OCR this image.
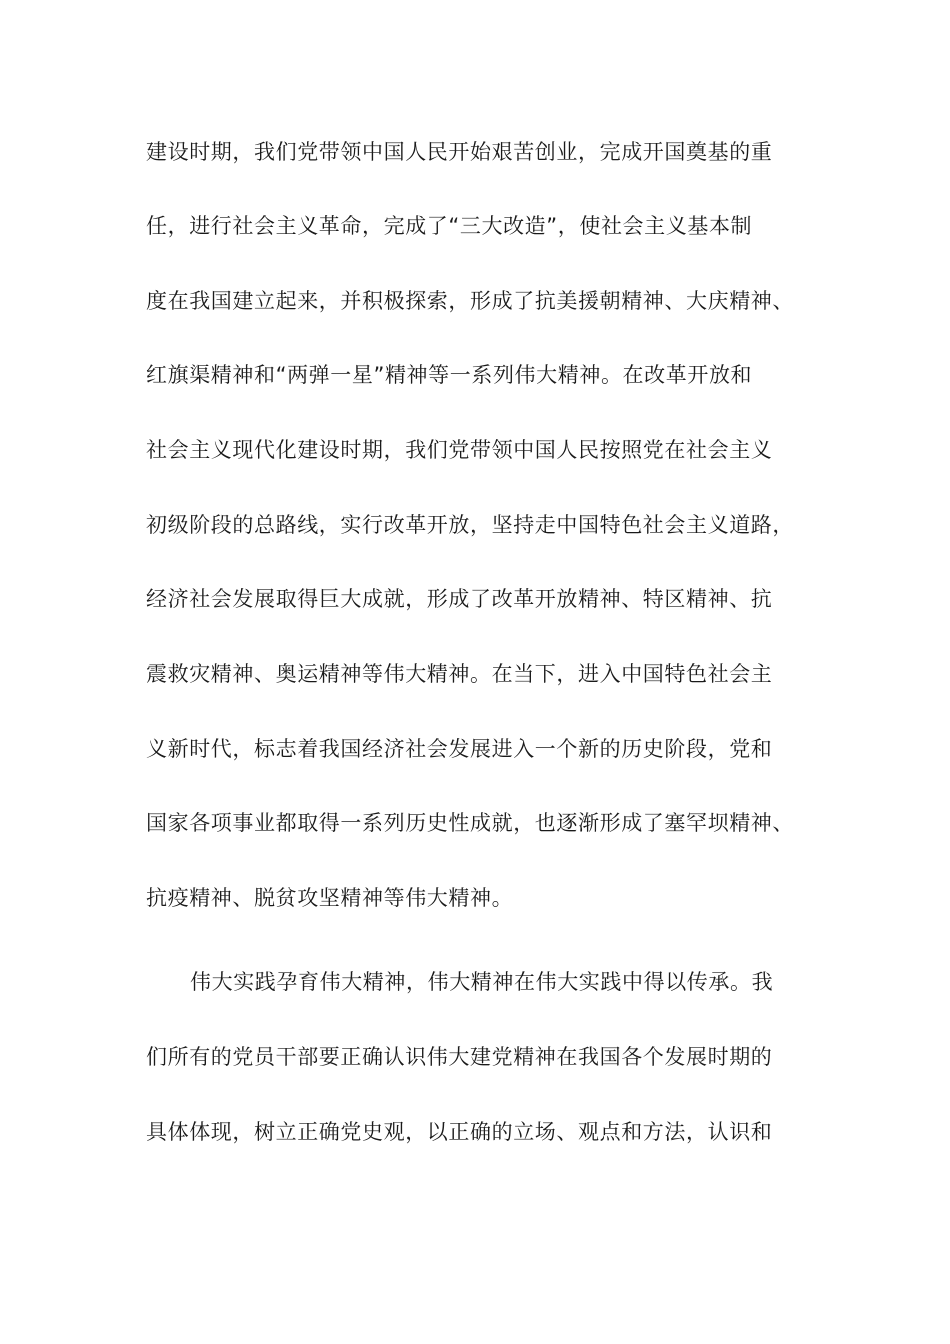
建设时期，我们党带领中国人民开始艰苦创业，完成开国奠基的重
任，进行社会主义革命，完成了“三大改造”，使社会主义基本制
度在我国建立起来，并积极探索，形成了抗美援朝精神、大庆精神、
红旗渠精神和“两弹一星”精神等一系列伟大精神。在改革开放和
社会主义现代化建设时期，我们党带领中国人民按照党在社会主义
初级阶段的总路线，实行改革开放，坚持走中国特色社会主义道路，
经济社会发展取得巨大成就，形成了改革开放精神、特区精神、抗
震救灾精神、奥运精神等伟大精神。在当下，进入中国特色社会主
义新时代，标志着我国经济社会发展进入一个新的历史阶段，党和
国家各项事业都取得一系列历史性成就，也逐渐形成了塞罕坝精神、
抗疫精神、脱贫攻坚精神等伟大精神。
伟大实践孕育伟大精神，伟大精神在伟大实践中得以传承。我
们所有的党员干部要正确认识伟大建党精神在我国各个发展时期的
具体体现，树立正确党史观，以正确的立场、观点和方法，认识和
